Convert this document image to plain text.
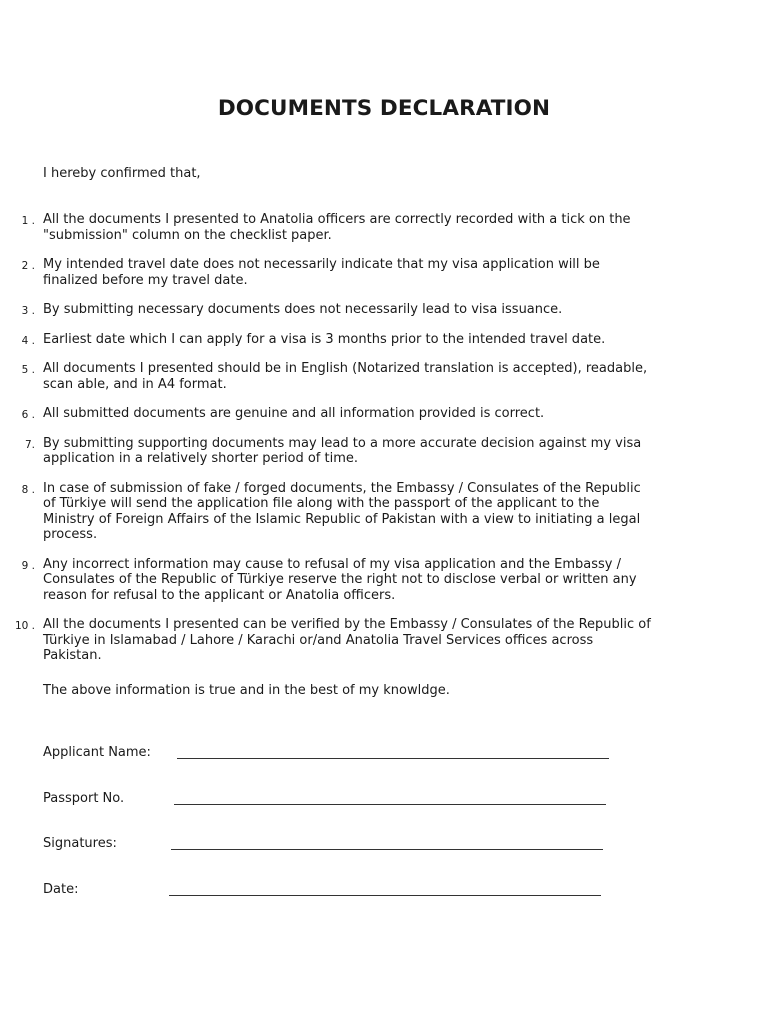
DOCUMENTS DECLARATION
I hereby confirmed that,
1 . All the documents I presented to Anatolia officers are correctly recorded with a tick on the
"submission" column on the checklist paper.
2 . My intended travel date does not necessarily indicate that my visa application will be
finalized before my travel date.
3 . By submitting necessary documents does not necessarily lead to visa issuance.
4 . Earliest date which I can apply for a visa is 3 months prior to the intended travel date.
5 . All documents I presented should be in English (Notarized translation is accepted), readable,
scan able, and in A4 format.
6 . All submitted documents are genuine and all information provided is correct.
7. By submitting supporting documents may lead to a more accurate decision against my visa
application in a relatively shorter period of time.
8 . In case of submission of fake / forged documents, the Embassy / Consulates of the Republic
of Türkiye will send the application file along with the passport of the applicant to the
Ministry of Foreign Affairs of the Islamic Republic of Pakistan with a view to initiating a legal
process.
9 . Any incorrect information may cause to refusal of my visa application and the Embassy /
Consulates of the Republic of Türkiye reserve the right not to disclose verbal or written any
reason for refusal to the applicant or Anatolia officers.
10 . All the documents I presented can be verified by the Embassy / Consulates of the Republic of
Türkiye in Islamabad / Lahore / Karachi or/and Anatolia Travel Services offices across
Pakistan.
The above information is true and in the best of my knowldge.
Applicant Name:
Passport No.
Signatures:
Date:
